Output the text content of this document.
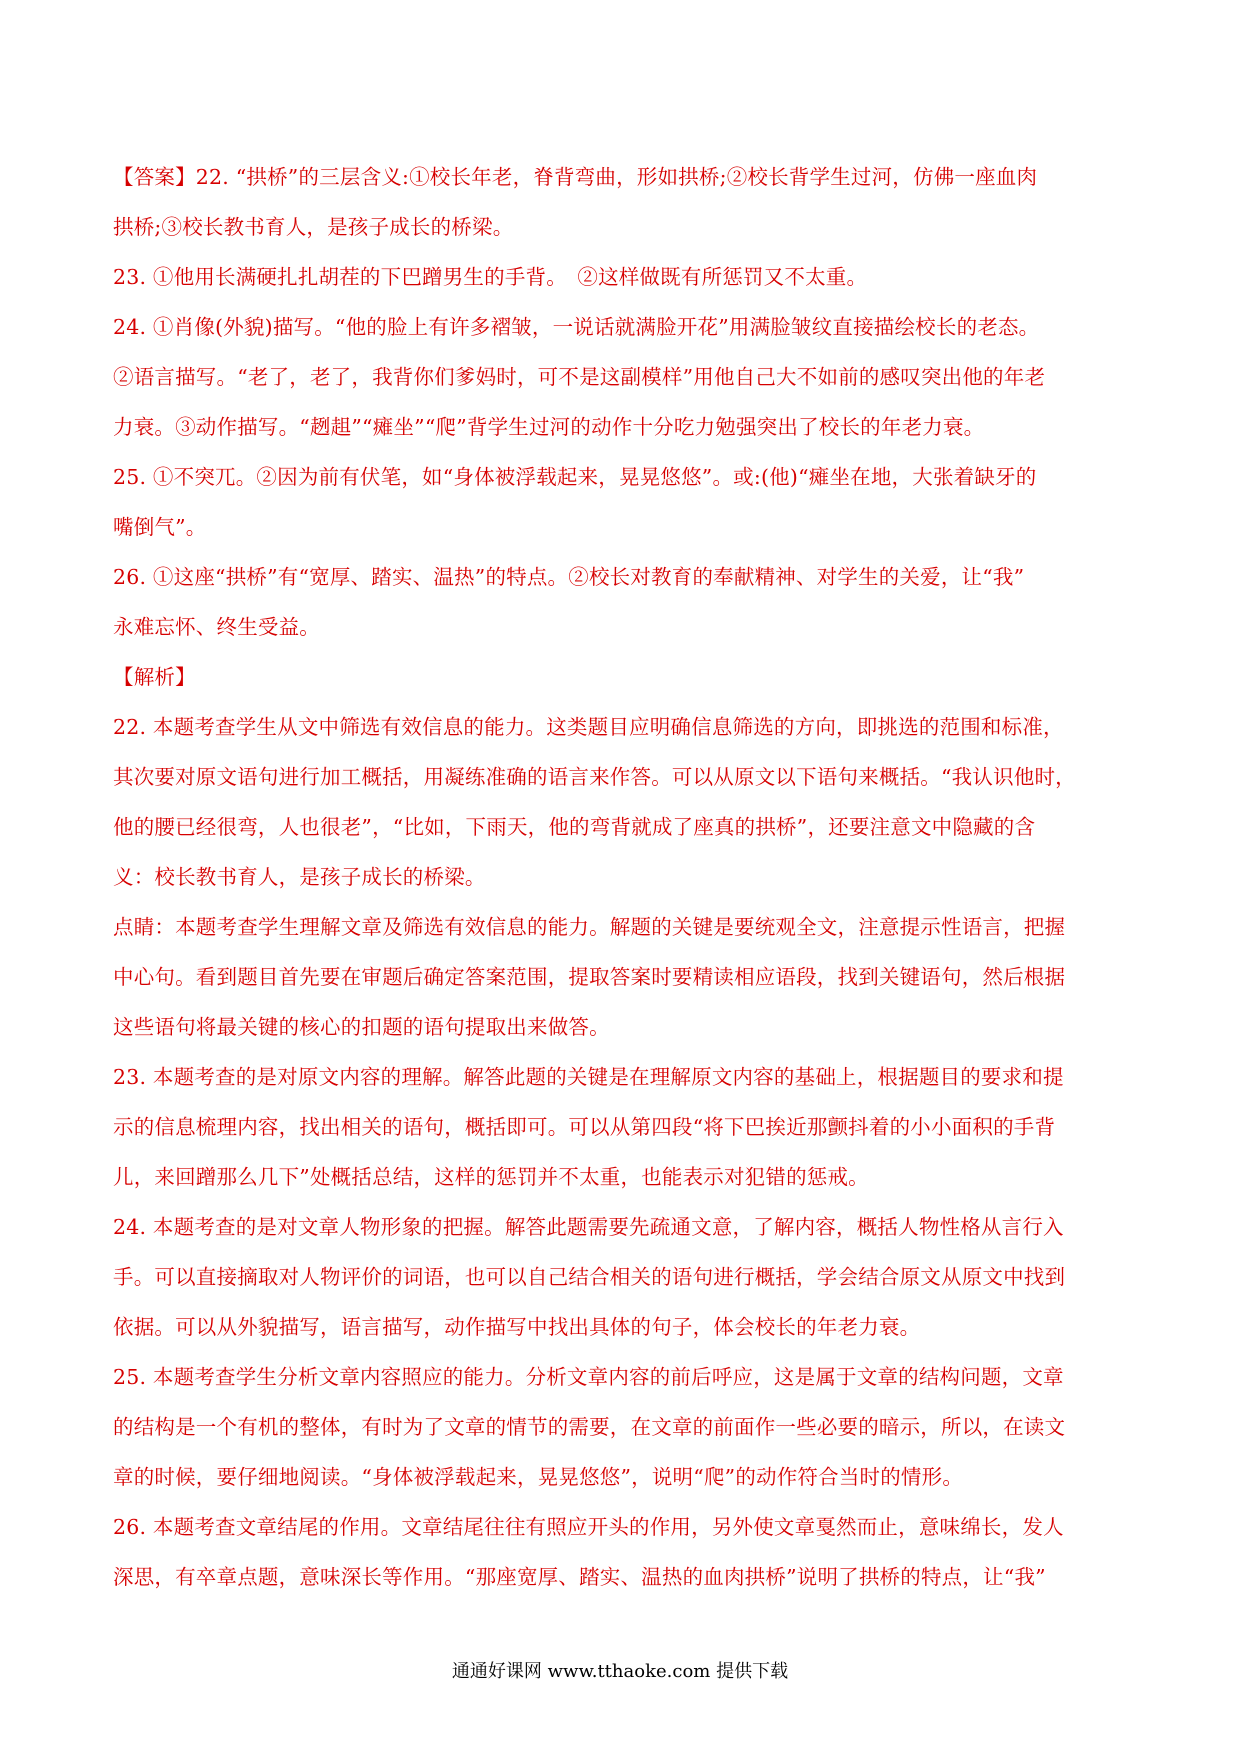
【答案】22. “拱桥”的三层含义:①校长年老，脊背弯曲，形如拱桥;②校长背学生过河，仿佛一座血肉
拱桥;③校长教书育人，是孩子成长的桥梁。
23. ①他用长满硬扎扎胡茬的下巴蹭男生的手背。　②这样做既有所惩罚又不太重。
24. ①肖像(外貌)描写。“他的脸上有许多褶皱，一说话就满脸开花”用满脸皱纹直接描绘校长的老态。
②语言描写。“老了，老了，我背你们爹妈时，可不是这副模样”用他自己大不如前的感叹突出他的年老
力衰。③动作描写。“趔趄”“瘫坐”“爬”背学生过河的动作十分吃力勉强突出了校长的年老力衰。
25. ①不突兀。②因为前有伏笔，如“身体被浮载起来，晃晃悠悠”。或:(他)“瘫坐在地，大张着缺牙的
嘴倒气”。
26. ①这座“拱桥”有“宽厚、踏实、温热”的特点。②校长对教育的奉献精神、对学生的关爱，让“我”
永难忘怀、终生受益。
【解析】
22. 本题考查学生从文中筛选有效信息的能力。这类题目应明确信息筛选的方向，即挑选的范围和标准，
其次要对原文语句进行加工概括，用凝练准确的语言来作答。可以从原文以下语句来概括。“我认识他时，
他的腰已经很弯，人也很老”，“比如，下雨天，他的弯背就成了座真的拱桥”，还要注意文中隐藏的含
义：校长教书育人，是孩子成长的桥梁。
点睛：本题考查学生理解文章及筛选有效信息的能力。解题的关键是要统观全文，注意提示性语言，把握
中心句。看到题目首先要在审题后确定答案范围，提取答案时要精读相应语段，找到关键语句，然后根据
这些语句将最关键的核心的扣题的语句提取出来做答。
23. 本题考查的是对原文内容的理解。解答此题的关键是在理解原文内容的基础上，根据题目的要求和提
示的信息梳理内容，找出相关的语句，概括即可。可以从第四段“将下巴挨近那颤抖着的小小面积的手背
儿，来回蹭那么几下”处概括总结，这样的惩罚并不太重，也能表示对犯错的惩戒。
24. 本题考查的是对文章人物形象的把握。解答此题需要先疏通文意，了解内容，概括人物性格从言行入
手。可以直接摘取对人物评价的词语，也可以自己结合相关的语句进行概括，学会结合原文从原文中找到
依据。可以从外貌描写，语言描写，动作描写中找出具体的句子，体会校长的年老力衰。
25. 本题考查学生分析文章内容照应的能力。分析文章内容的前后呼应，这是属于文章的结构问题，文章
的结构是一个有机的整体，有时为了文章的情节的需要，在文章的前面作一些必要的暗示，所以，在读文
章的时候，要仔细地阅读。“身体被浮载起来，晃晃悠悠”，说明“爬”的动作符合当时的情形。
26. 本题考查文章结尾的作用。文章结尾往往有照应开头的作用，另外使文章戛然而止，意味绵长，发人
深思，有卒章点题，意味深长等作用。“那座宽厚、踏实、温热的血肉拱桥”说明了拱桥的特点，让“我”
通通好课网 www.tthaoke.com 提供下载
